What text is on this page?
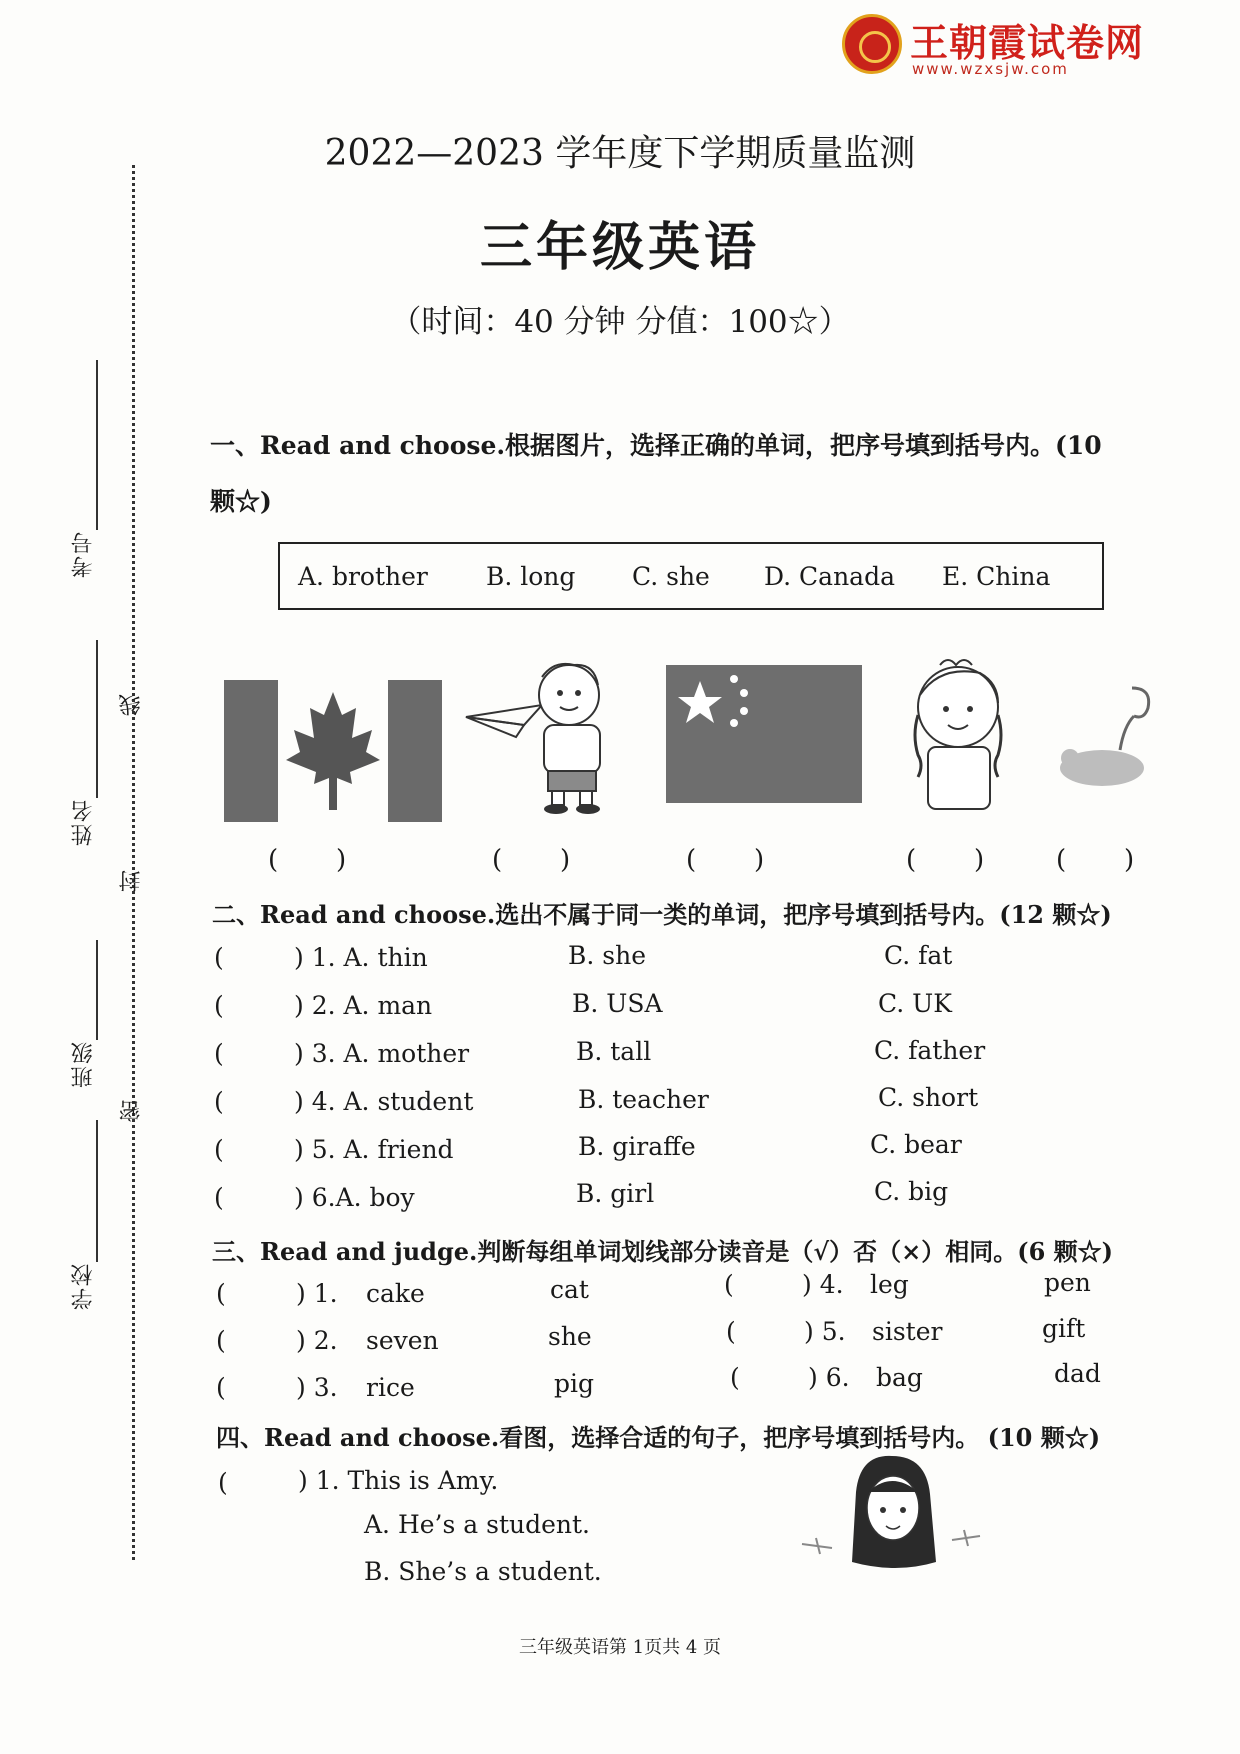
王朝霞试卷网
www.wzxsjw.com
考号
姓名
班级
学校
线
封
密
2022—2023 学年度下学期质量监测
三年级英语
（时间：40 分钟 分值：100☆）
一、Read and choose.根据图片，选择正确的单词，把序号填到括号内。(10
颗☆)
A. brother B. long C. she D. Canada E. China
(       )	(       )	(       )	(       )	(       )
二、Read and choose.选出不属于同一类的单词，把序号填到括号内。(12 颗☆)
(	) 1. A. thin	B. she	C. fat
(	) 2. A. man	B. USA	C. UK
(	) 3. A. mother	B. tall	C. father
(	) 4. A. student	B. teacher	C. short
(	) 5. A. friend	B. giraffe	C. bear
(	) 6.A. boy	B. girl	C. big
三、Read and judge.判断每组单词划线部分读音是（√）否（×）相同。(6 颗☆)
(	) 1. cake	cat	(	) 4. leg	pen
(	) 2. seven	she	(	) 5. sister	gift
(	) 3. rice	pig	(	) 6. bag	dad
四、Read and choose.看图，选择合适的句子，把序号填到括号内。 (10 颗☆)
(	) 1. This is Amy.
A. He’s a student.
B. She’s a student.
三年级英语第 1页共 4 页
